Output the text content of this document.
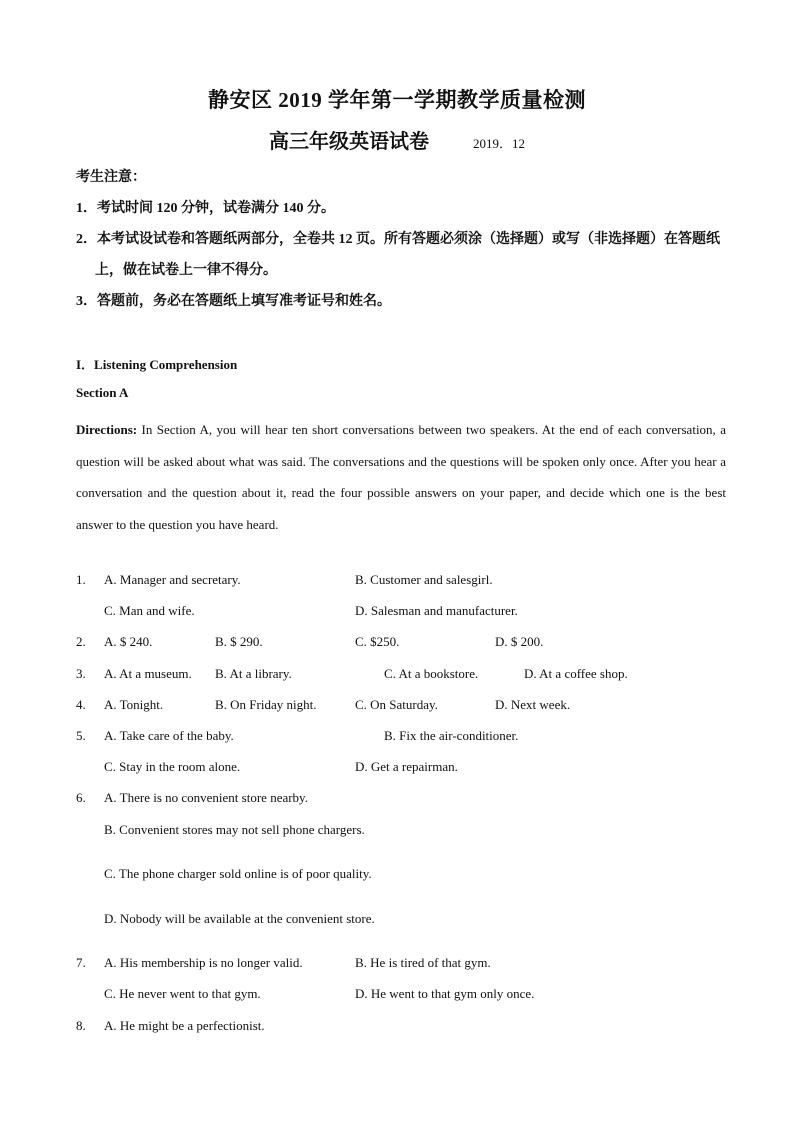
静安区 2019 学年第一学期教学质量检测
高三年级英语试卷	2019．12
考生注意：
1．考试时间 120 分钟，试卷满分 140 分。
2．本考试设试卷和答题纸两部分，全卷共 12 页。所有答题必须涂（选择题）或写（非选择题）在答题纸
上，做在试卷上一律不得分。
3．答题前，务必在答题纸上填写准考证号和姓名。
I．Listening Comprehension
Section A
Directions: In Section A, you will hear ten short conversations between two speakers. At the end of each conversation, a question will be asked about what was said. The conversations and the questions will be spoken only once. After you hear a conversation and the question about it, read the four possible answers on your paper, and decide which one is the best answer to the question you have heard.
1. A. Manager and secretary.	B. Customer and salesgirl.
C. Man and wife.	D. Salesman and manufacturer.
2. A. $ 240.	B. $ 290.	C. $250.	D. $ 200.
3. A. At a museum. B. At a library.	C. At a bookstore.	D. At a coffee shop.
4. A. Tonight.	B. On Friday night.	C. On Saturday.	D. Next week.
5. A. Take care of the baby.	B. Fix the air-conditioner.
C. Stay in the room alone.	D. Get a repairman.
6. A. There is no convenient store nearby.
B. Convenient stores may not sell phone chargers.
C. The phone charger sold online is of poor quality.
D. Nobody will be available at the convenient store.
7. A. His membership is no longer valid.	B. He is tired of that gym.
C. He never went to that gym.	D. He went to that gym only once.
8. A. He might be a perfectionist.
